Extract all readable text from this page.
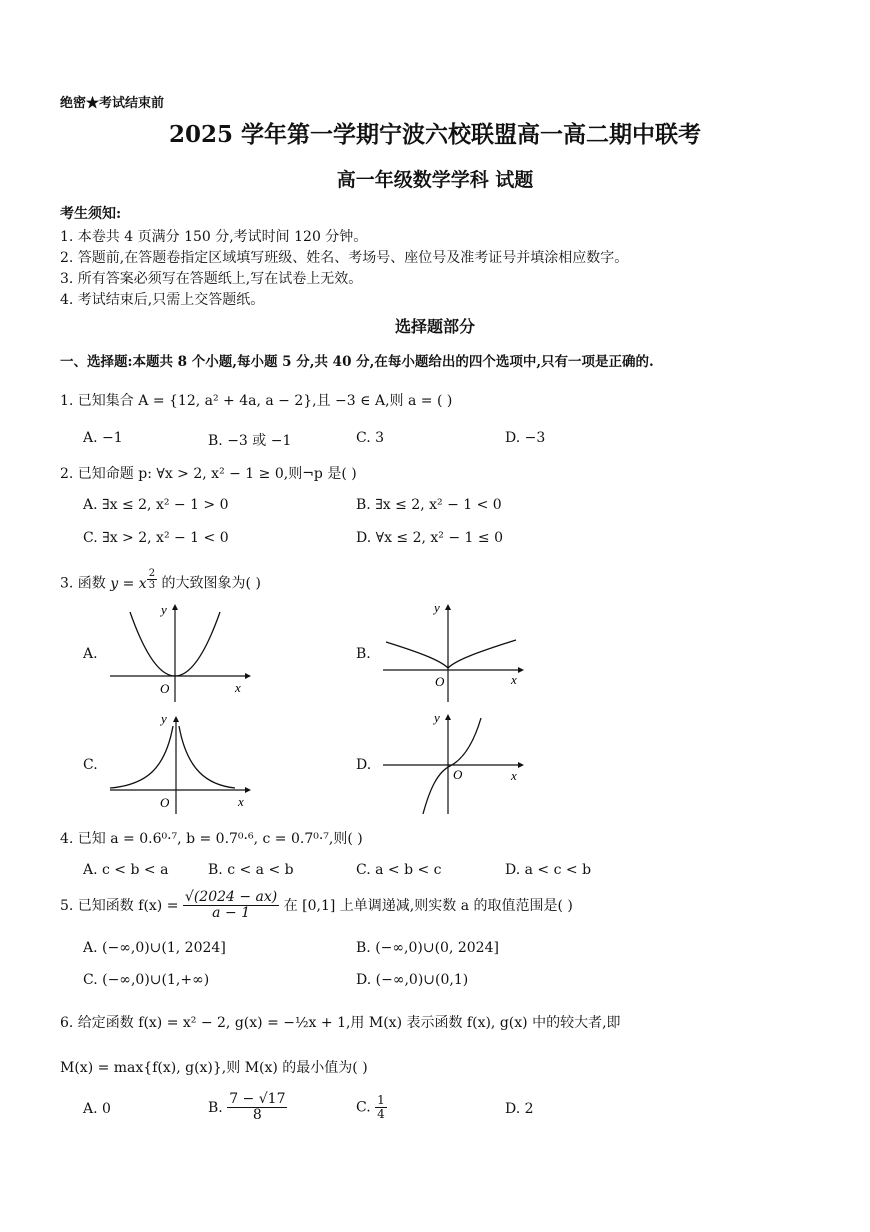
绝密★考试结束前
2025 学年第一学期宁波六校联盟高一高二期中联考
高一年级数学学科 试题
考生须知:
1. 本卷共 4 页满分 150 分,考试时间 120 分钟。
2. 答题前,在答题卷指定区域填写班级、姓名、考场号、座位号及准考证号并填涂相应数字。
3. 所有答案必须写在答题纸上,写在试卷上无效。
4. 考试结束后,只需上交答题纸。
选择题部分
一、选择题:本题共 8 个小题,每小题 5 分,共 40 分,在每小题给出的四个选项中,只有一项是正确的.
1. 已知集合 A = {12, a² + 4a, a − 2},且 −3 ∈ A,则 a = ( )
A. −1	B. −3 或 −1	C. 3	D. −3
2. 已知命题 p: ∀x > 2, x² − 1 ≥ 0,则¬p 是( )
A. ∃x ≤ 2, x² − 1 > 0	B. ∃x ≤ 2, x² − 1 < 0
C. ∃x > 2, x² − 1 < 0	D. ∀x ≤ 2, x² − 1 ≤ 0
3. 函数 y = x $^{\frac{2}{3}}$ 的大致图象为( )
A.
y
x
O
B.
y
x
O
C.
y
x
O
D.
y
x
O
4. 已知 a = 0.6⁰·⁷, b = 0.7⁰·⁶, c = 0.7⁰·⁷,则( )
A. c < b < a	B. c < a < b	C. a < b < c	D. a < c < b
5. 已知函数 $f(x) = \frac{√(2024 - ax)}{a - 1}$ 在 [0,1] 上单调递减,则实数 a 的取值范围是( )
A. (−∞,0)∪(1, 2024]	B. (−∞,0)∪(0, 2024]
C. (−∞,0)∪(1,+∞)	D. (−∞,0)∪(0,1)
6. 给定函数 f(x) = x² − 2, g(x) = −½x + 1,用 M(x) 表示函数 f(x), g(x) 中的较大者,即
M(x) = max{f(x), g(x)},则 M(x) 的最小值为( )
A. 0	B. $\frac{7 - √17}{8}$	C. $\frac{1}{4}$	D. 2
